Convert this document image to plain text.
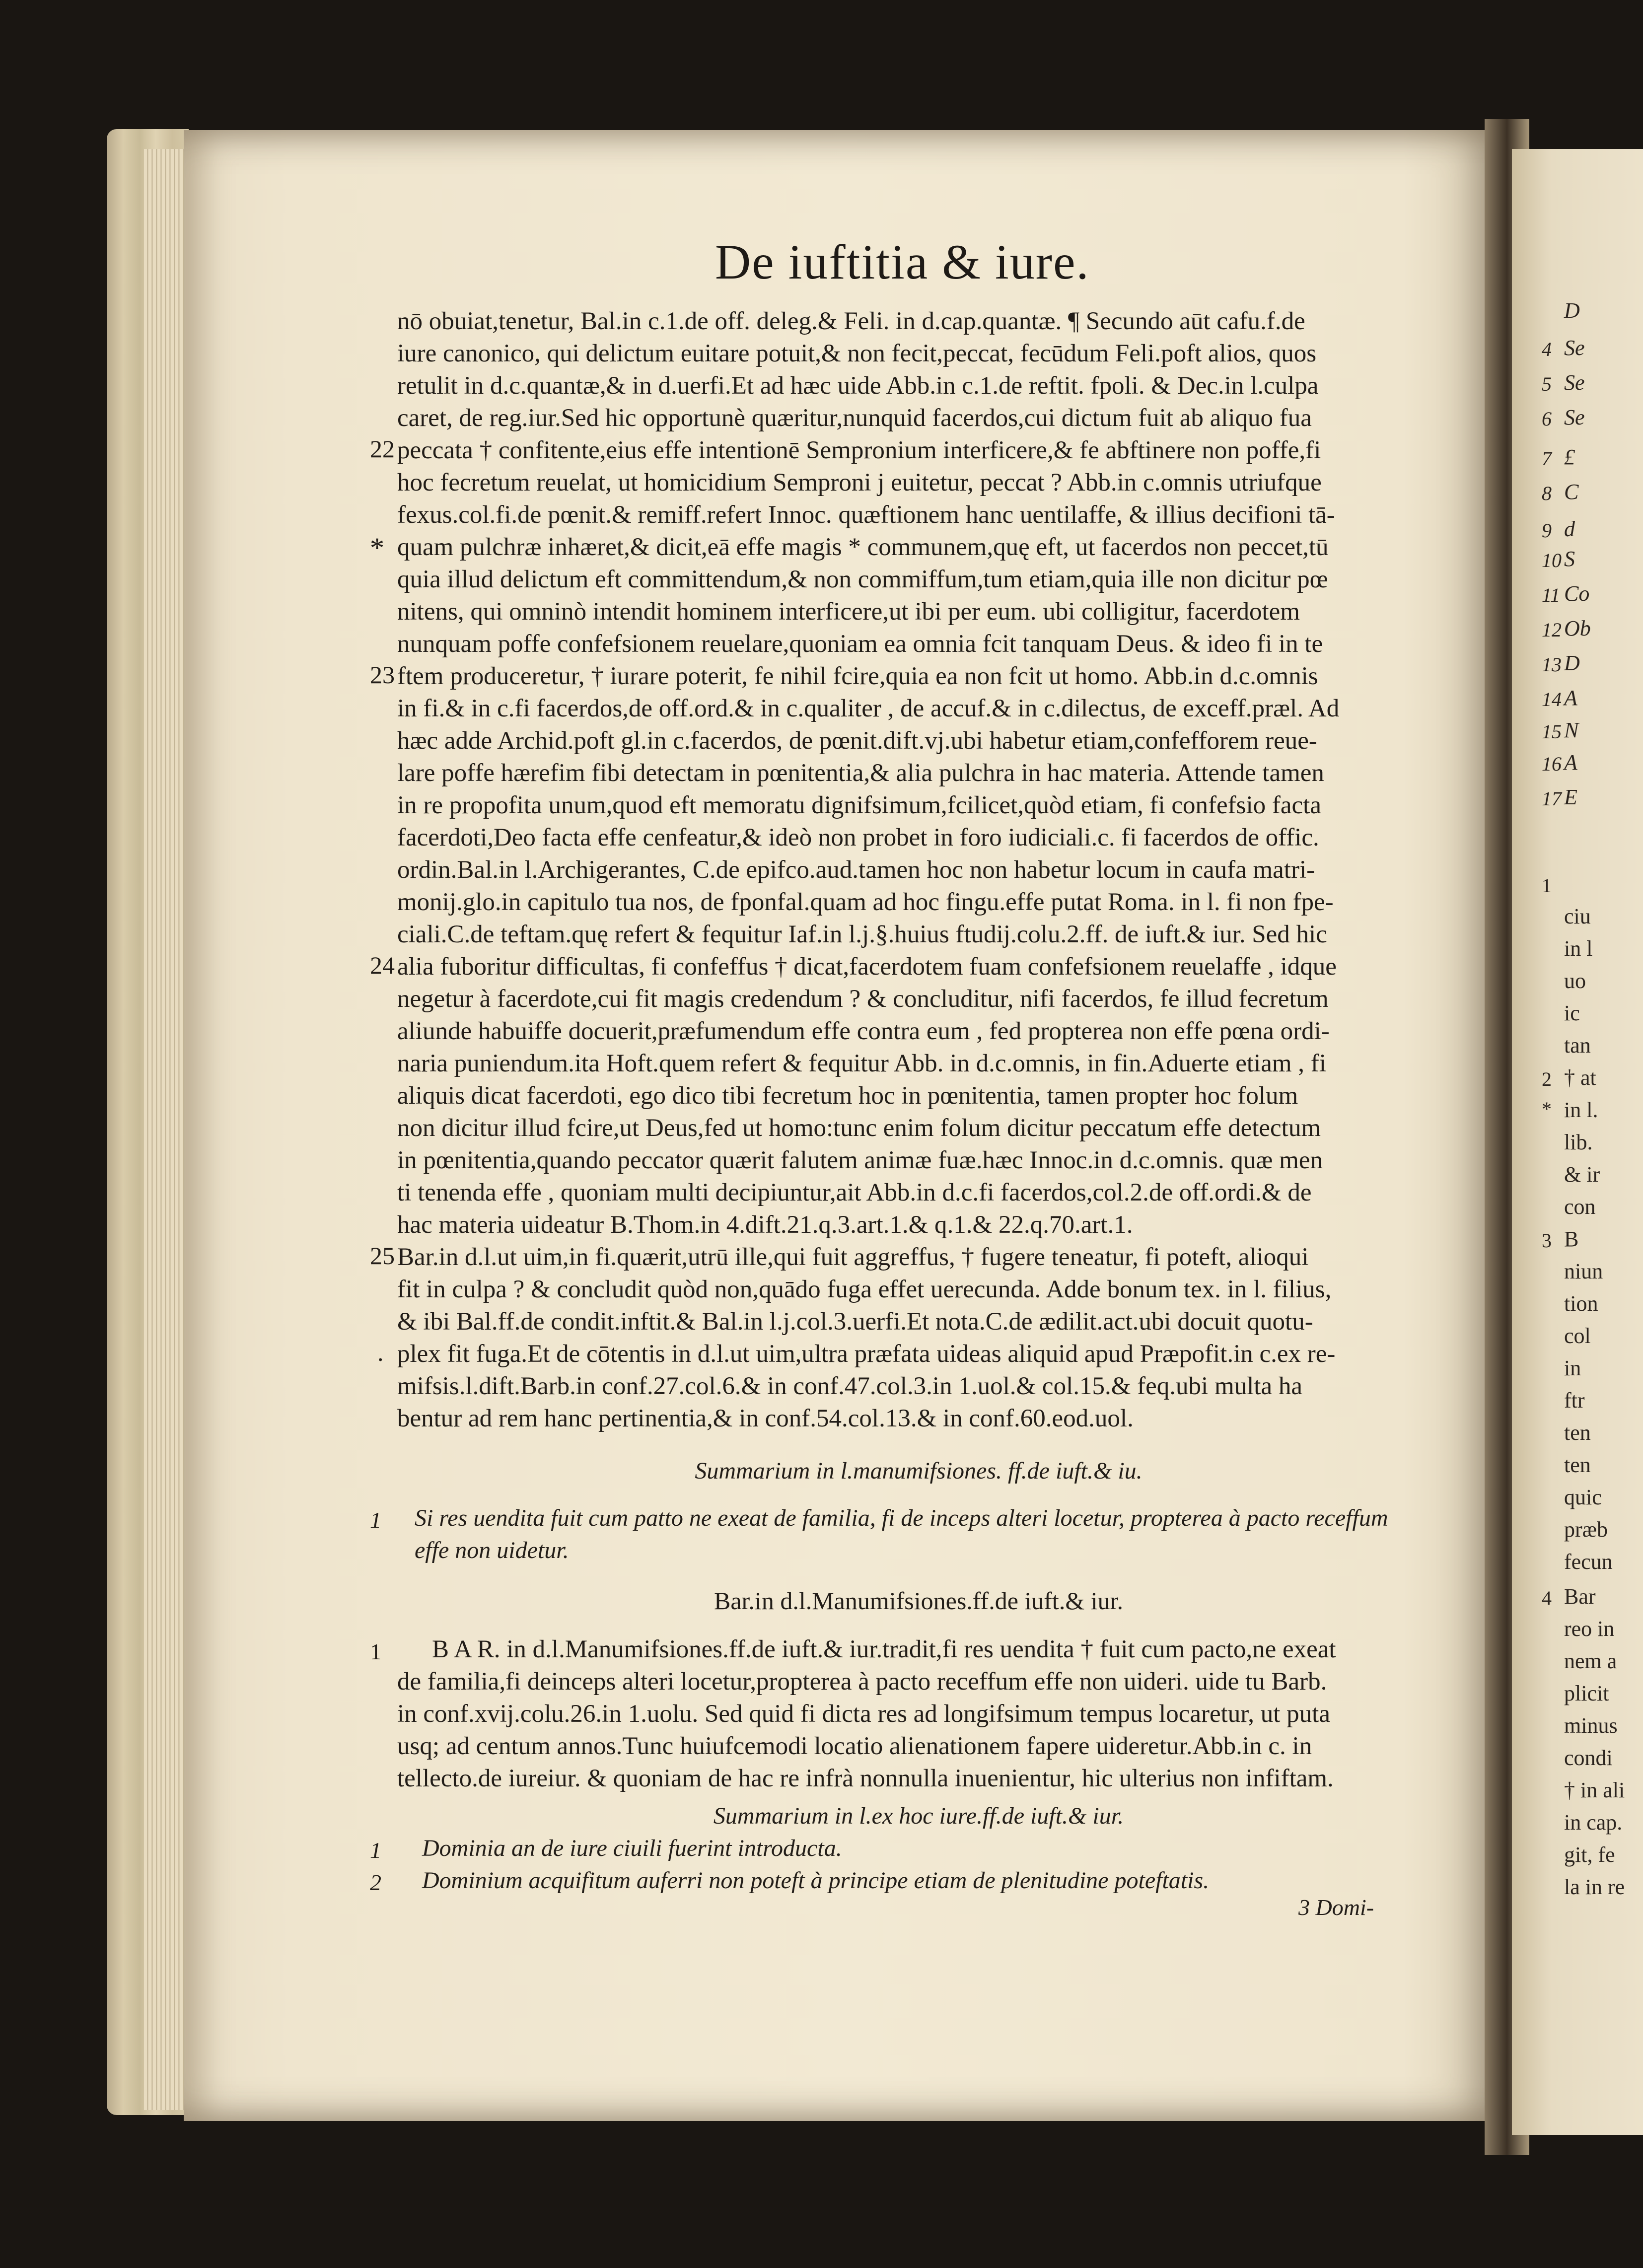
De iuftitia & iure.
nō obuiat,tenetur, Bal.in c.1.de off. deleg.& Feli. in d.cap.quantæ. ¶ Secundo aūt cafu.f.de
iure canonico, qui delictum euitare potuit,& non fecit,peccat, fecūdum Feli.poft alios, quos
retulit in d.c.quantæ,& in d.uerfi.Et ad hæc uide Abb.in c.1.de reftit. fpoli. & Dec.in l.culpa
caret, de reg.iur.Sed hic opportunè quæritur,nunquid facerdos,cui dictum fuit ab aliquo fua
peccata † confitente,eius effe intentionē Sempronium interficere,& fe abftinere non poffe,fi
hoc fecretum reuelat, ut homicidium Semproni j euitetur, peccat ? Abb.in c.omnis utriufque
fexus.col.fi.de pœnit.& remiff.refert Innoc. quæftionem hanc uentilaffe, & illius decifioni tā-
quam pulchræ inhæret,& dicit,eā effe magis * communem,quę eft, ut facerdos non peccet,tū
quia illud delictum eft committendum,& non commiffum,tum etiam,quia ille non dicitur pœ
nitens, qui omninò intendit hominem interficere,ut ibi per eum. ubi colligitur, facerdotem
nunquam poffe confefsionem reuelare,quoniam ea omnia fcit tanquam Deus. & ideo fi in te
ftem produceretur, † iurare poterit, fe nihil fcire,quia ea non fcit ut homo. Abb.in d.c.omnis
in fi.& in c.fi facerdos,de off.ord.& in c.qualiter , de accuf.& in c.dilectus, de exceff.præl. Ad
hæc adde Archid.poft gl.in c.facerdos, de pœnit.dift.vj.ubi habetur etiam,confefforem reue-
lare poffe hærefim fibi detectam in pœnitentia,& alia pulchra in hac materia. Attende tamen
in re propofita unum,quod eft memoratu dignifsimum,fcilicet,quòd etiam, fi confefsio facta
facerdoti,Deo facta effe cenfeatur,& ideò non probet in foro iudiciali.c. fi facerdos de offic.
ordin.Bal.in l.Archigerantes, C.de epifco.aud.tamen hoc non habetur locum in caufa matri-
monij.glo.in capitulo tua nos, de fponfal.quam ad hoc fingu.effe putat Roma. in l. fi non fpe-
ciali.C.de teftam.quę refert & fequitur Iaf.in l.j.§.huius ftudij.colu.2.ff. de iuft.& iur. Sed hic
alia fuboritur difficultas, fi confeffus † dicat,facerdotem fuam confefsionem reuelaffe , idque
negetur à facerdote,cui fit magis credendum ? & concluditur, nifi facerdos, fe illud fecretum
aliunde habuiffe docuerit,præfumendum effe contra eum , fed propterea non effe pœna ordi-
naria puniendum.ita Hoft.quem refert & fequitur Abb. in d.c.omnis, in fin.Aduerte etiam , fi
aliquis dicat facerdoti, ego dico tibi fecretum hoc in pœnitentia, tamen propter hoc folum
non dicitur illud fcire,ut Deus,fed ut homo:tunc enim folum dicitur peccatum effe detectum
in pœnitentia,quando peccator quærit falutem animæ fuæ.hæc Innoc.in d.c.omnis. quæ men
ti tenenda effe , quoniam multi decipiuntur,ait Abb.in d.c.fi facerdos,col.2.de off.ordi.& de
hac materia uideatur B.Thom.in 4.dift.21.q.3.art.1.& q.1.& 22.q.70.art.1.
Bar.in d.l.ut uim,in fi.quærit,utrū ille,qui fuit aggreffus, † fugere teneatur, fi poteft, alioqui
fit in culpa ? & concludit quòd non,quādo fuga effet uerecunda. Adde bonum tex. in l. filius,
& ibi Bal.ff.de condit.inftit.& Bal.in l.j.col.3.uerfi.Et nota.C.de ædilit.act.ubi docuit quotu-
plex fit fuga.Et de cōtentis in d.l.ut uim,ultra præfata uideas aliquid apud Præpofit.in c.ex re-
mifsis.l.dift.Barb.in conf.27.col.6.& in conf.47.col.3.in 1.uol.& col.15.& feq.ubi multa ha
bentur ad rem hanc pertinentia,& in conf.54.col.13.& in conf.60.eod.uol.
22
*
23
24
25
.
Summarium in l.manumifsiones. ff.de iuft.& iu.
1 Si res uendita fuit cum patto ne exeat de familia, fi de inceps alteri locetur, propterea à pacto receffum
effe non uidetur.
Bar.in d.l.Manumifsiones.ff.de iuft.& iur.
1	B A R. in d.l.Manumifsiones.ff.de iuft.& iur.tradit,fi res uendita † fuit cum pacto,ne exeat
de familia,fi deinceps alteri locetur,propterea à pacto receffum effe non uideri. uide tu Barb.
in conf.xvij.colu.26.in 1.uolu. Sed quid fi dicta res ad longifsimum tempus locaretur, ut puta
usq; ad centum annos.Tunc huiufcemodi locatio alienationem fapere uideretur.Abb.in c. in
tellecto.de iureiur. & quoniam de hac re infrà nonnulla inuenientur, hic ulterius non infiftam.
Summarium in l.ex hoc iure.ff.de iuft.& iur.
1 Dominia an de iure ciuili fuerint introducta.
2 Dominium acquifitum auferri non poteft à principe etiam de plenitudine poteftatis.
3 Domi-
D
4 Se
5 Se
6 Se
7 £
8 C
9 d
10 S
11 Co
12 Ob
13 D
14 A
15 N
16 A
17 E
1
ciu
in l
uo
ic
tan
2 † at
* in l.
lib.
& ir
con
3 B
niun
tion
col
in
ftr
ten
ten
quic
præb
fecun
4 Bar
reo in
nem a
plicit
minus
condi
† in ali
in cap.
git, fe
la in re
